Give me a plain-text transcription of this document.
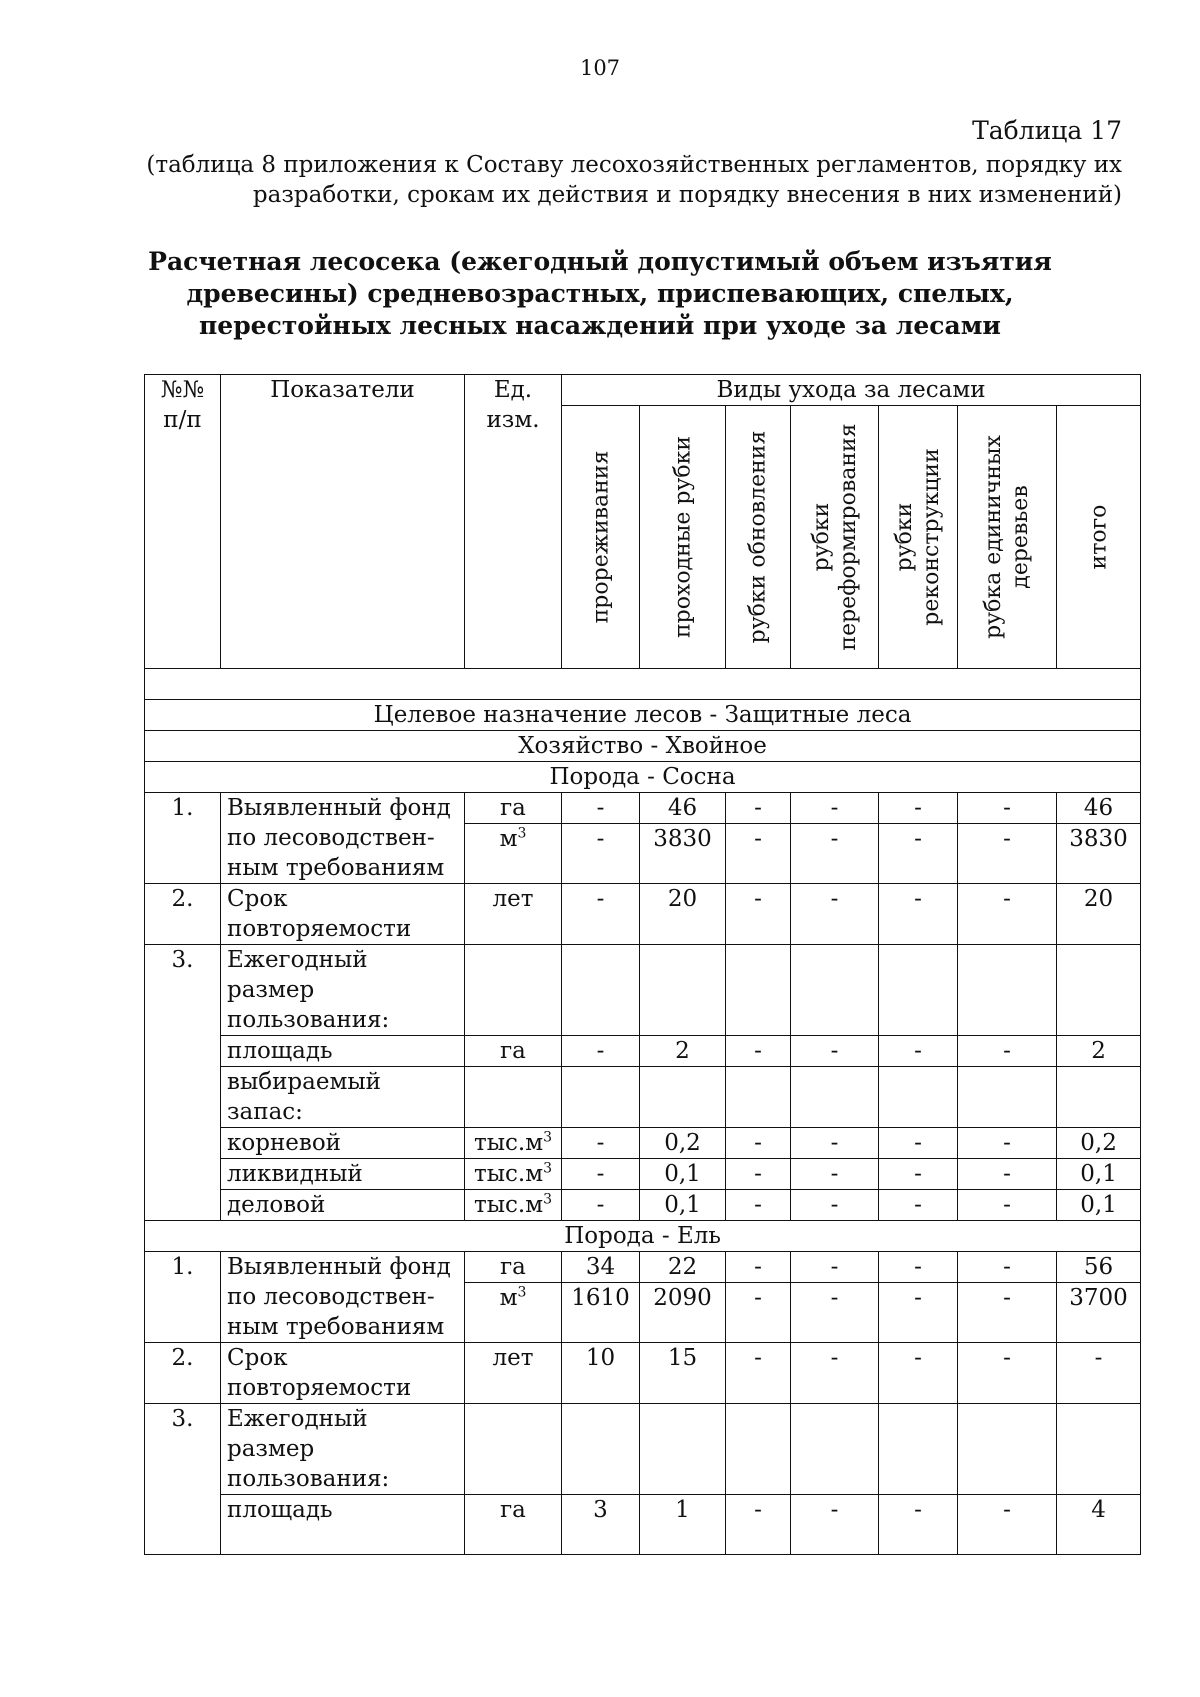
107
Таблица 17
(таблица 8 приложения к Составу лесохозяйственных регламентов, порядку их
разработки, срокам их действия и порядку внесения в них изменений)
Расчетная лесосека (ежегодный допустимый объем изъятия
древесины) средневозрастных, приспевающих, спелых,
перестойных лесных насаждений при уходе за лесами
№№ п/п	Показатели	Ед. изм.	Виды ухода за лесами						

			прореживания	проходные рубки	рубки обновления	рубки переформирования	рубки реконструкции	рубка единичных деревьев	итого

Целевое назначение лесов - Защитные леса									
Хозяйство - Хвойное									
Порода - Сосна									
1.	Выявленный фонд по лесоводствен-ным требованиям	га	-	46	-	-	-	-	46
		$м^3$	-	3830	-	-	-	-	3830
2.	Срок повторяемости	лет	-	20	-	-	-	-	20
3.	Ежегодный размер пользования:								
	площадь	га	-	2	-	-	-	-	2
	выбираемый запас:								
	корневой	$тыс.м^3$	-	0,2	-	-	-	-	0,2
	ликвидный	$тыс.м^3$	-	0,1	-	-	-	-	0,1
	деловой	$тыс.м^3$	-	0,1	-	-	-	-	0,1
Порода - Ель									
1.	Выявленный фонд по лесоводствен-ным требованиям	га	34	22	-	-	-	-	56
		$м^3$	1610	2090	-	-	-	-	3700
2.	Срок повторяемости	лет	10	15	-	-	-	-	-
3.	Ежегодный размер пользования:								
	площадь	га	3	1	-	-	-	-	4
